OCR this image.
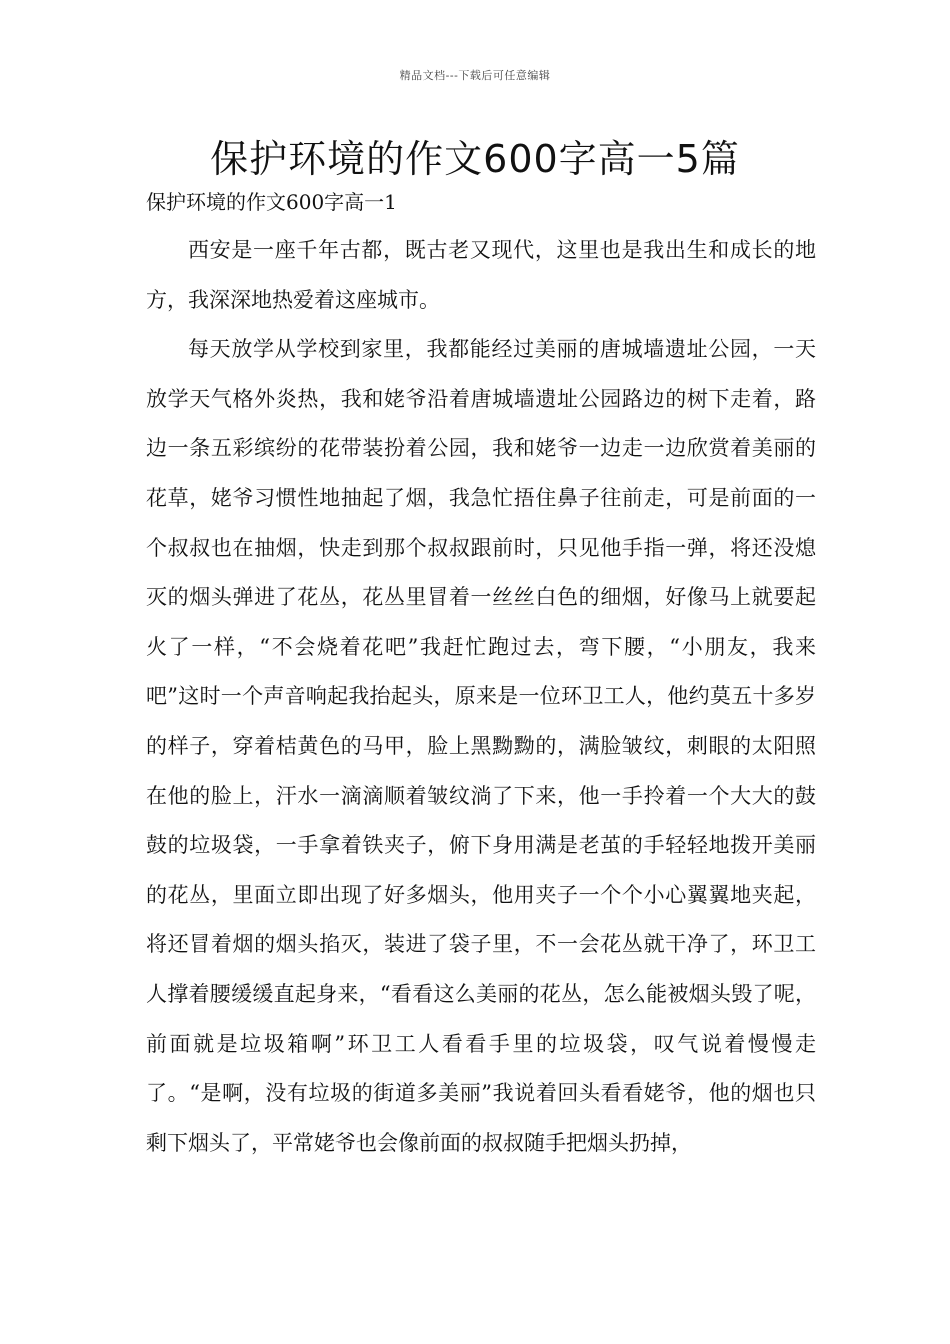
精品文档---下载后可任意编辑
保护环境的作文600字高一5篇

保护环境的作文600字高一1

西安是一座千年古都，既古老又现代，这里也是我出生和成长的地方，我深深地热爱着这座城市。

每天放学从学校到家里，我都能经过美丽的唐城墙遗址公园，一天放学天气格外炎热，我和姥爷沿着唐城墙遗址公园路边的树下走着，路边一条五彩缤纷的花带装扮着公园，我和姥爷一边走一边欣赏着美丽的花草，姥爷习惯性地抽起了烟，我急忙捂住鼻子往前走，可是前面的一个叔叔也在抽烟，快走到那个叔叔跟前时，只见他手指一弹，将还没熄灭的烟头弹进了花丛，花丛里冒着一丝丝白色的细烟，好像马上就要起火了一样，“不会烧着花吧”我赶忙跑过去，弯下腰，“小朋友，我来吧”这时一个声音响起我抬起头，原来是一位环卫工人，他约莫五十多岁的样子，穿着桔黄色的马甲，脸上黑黝黝的，满脸皱纹，刺眼的太阳照在他的脸上，汗水一滴滴顺着皱纹淌了下来，他一手拎着一个大大的鼓鼓的垃圾袋，一手拿着铁夹子，俯下身用满是老茧的手轻轻地拨开美丽的花丛，里面立即出现了好多烟头，他用夹子一个个小心翼翼地夹起，将还冒着烟的烟头掐灭，装进了袋子里，不一会花丛就干净了，环卫工人撑着腰缓缓直起身来，“看看这么美丽的花丛，怎么能被烟头毁了呢，前面就是垃圾箱啊”环卫工人看看手里的垃圾袋，叹气说着慢慢走了。“是啊，没有垃圾的街道多美丽”我说着回头看看姥爷，他的烟也只剩下烟头了，平常姥爷也会像前面的叔叔随手把烟头扔掉，
